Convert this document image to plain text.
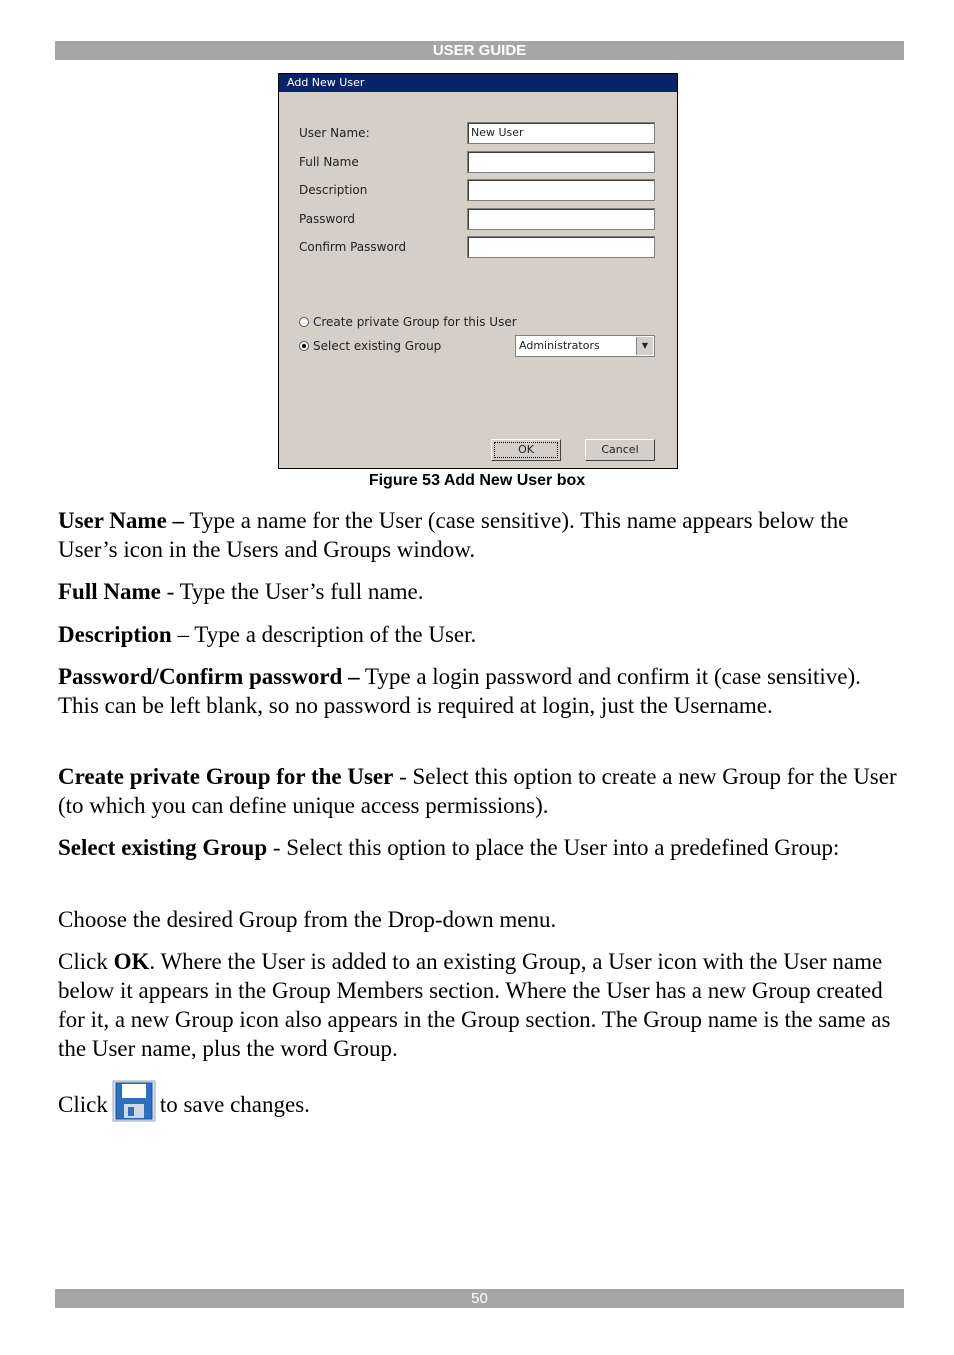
USER GUIDE
Add New User
User Name:	New User
Full Name
Description
Password
Confirm Password
Create private Group for this User
Select existing Group	Administrators	▼
OK	Cancel
Figure 53 Add New User box

User Name – Type a name for the User (case sensitive). This name appears below the User’s icon in the Users and Groups window.

Full Name - Type the User’s full name.

Description – Type a description of the User.

Password/Confirm password – Type a login password and confirm it (case sensitive). This can be left blank, so no password is required at login, just the Username.

Create private Group for the User - Select this option to create a new Group for the User (to which you can define unique access permissions).

Select existing Group - Select this option to place the User into a predefined Group:

Choose the desired Group from the Drop-down menu.

Click OK. Where the User is added to an existing Group, a User icon with the User name below it appears in the Group Members section. Where the User has a new Group created for it, a new Group icon also appears in the Group section. The Group name is the same as the User name, plus the word Group.

Click to save changes.

50
